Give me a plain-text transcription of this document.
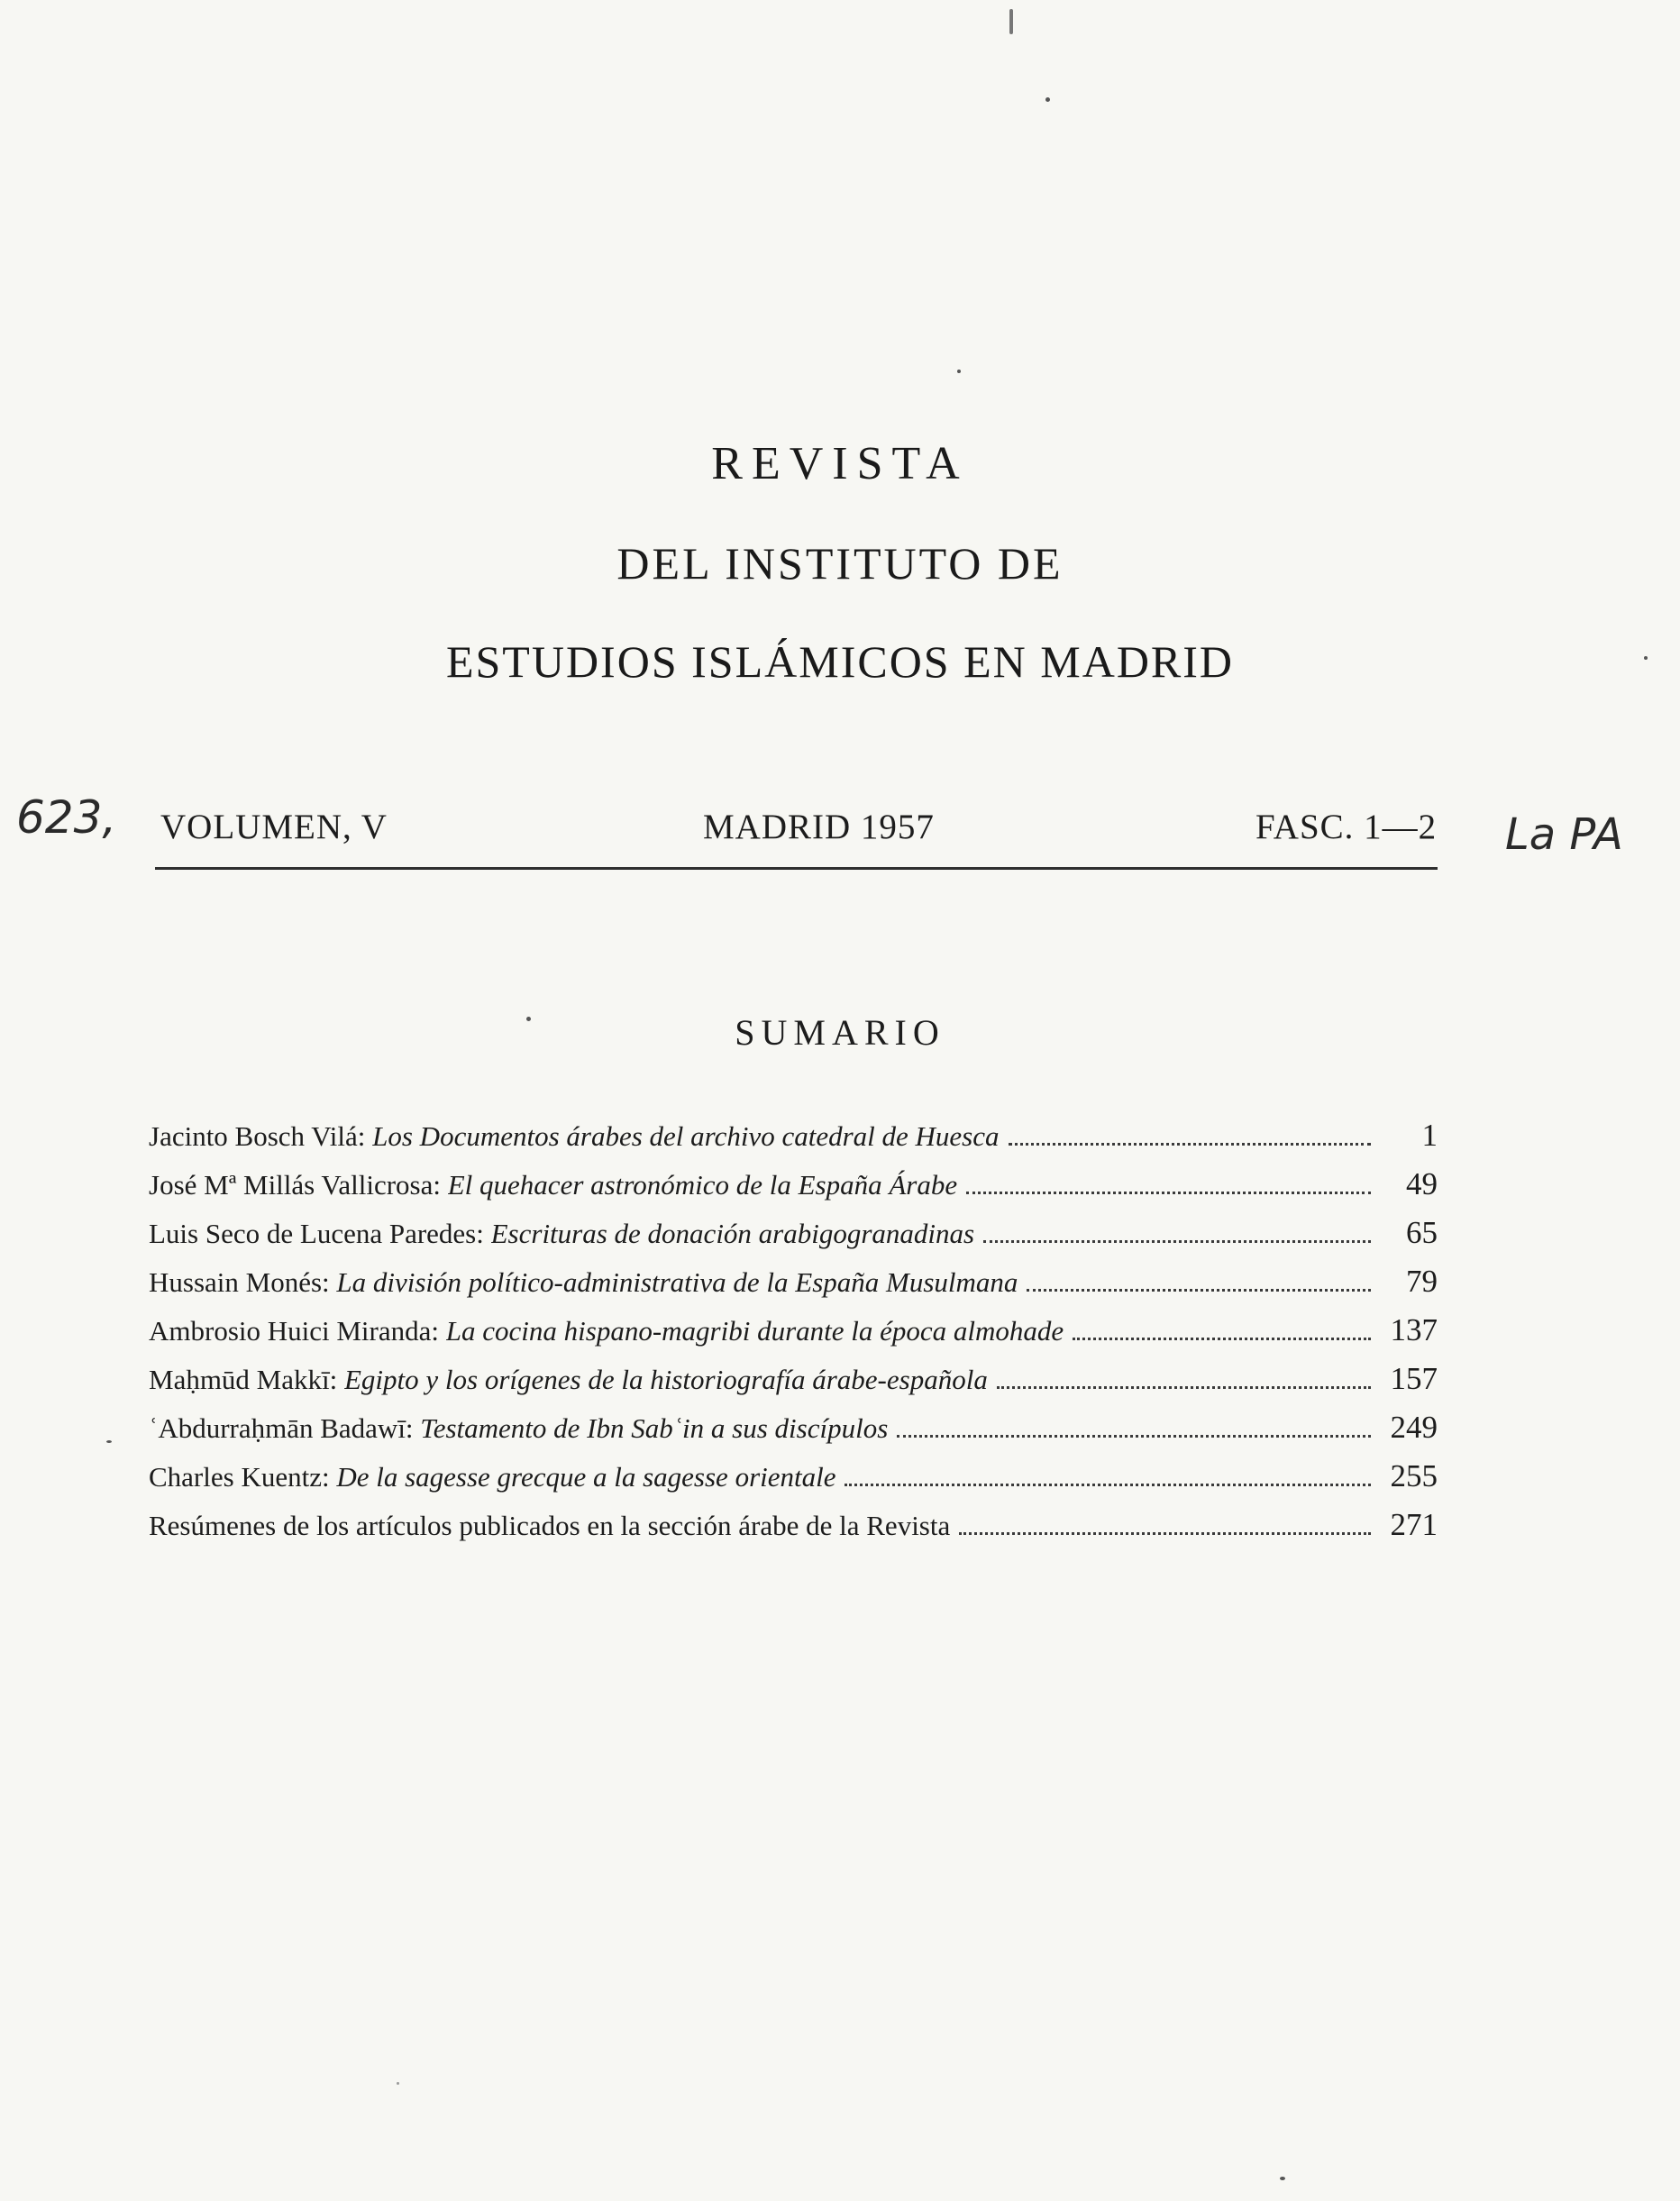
REVISTA
DEL INSTITUTO DE
ESTUDIOS ISLÁMICOS EN MADRID
623,	La PA
VOLUMEN, V	MADRID 1957	FASC. 1—2
SUMARIO
Jacinto Bosch Vilá:
Los Documentos árabes del archivo catedral de Huesca	1
José Mª Millás Vallicrosa:
El quehacer astronómico de la España Árabe	49
Luis Seco de Lucena Paredes:
Escrituras de donación arabigogranadinas	65
Hussain Monés:
La división político-administrativa de la España Musulmana	79
Ambrosio Huici Miranda:
La cocina hispano-magribi durante la época almohade	137
Maḥmūd Makkī:
Egipto y los orígenes de la historiografía árabe-española	157
ʿAbdurraḥmān Badawī:
Testamento de Ibn Sabʿin a sus discípulos	249
Charles Kuentz:
De la sagesse grecque a la sagesse orientale	255
Resúmenes de los artículos publicados en la sección árabe de la Revista	271
